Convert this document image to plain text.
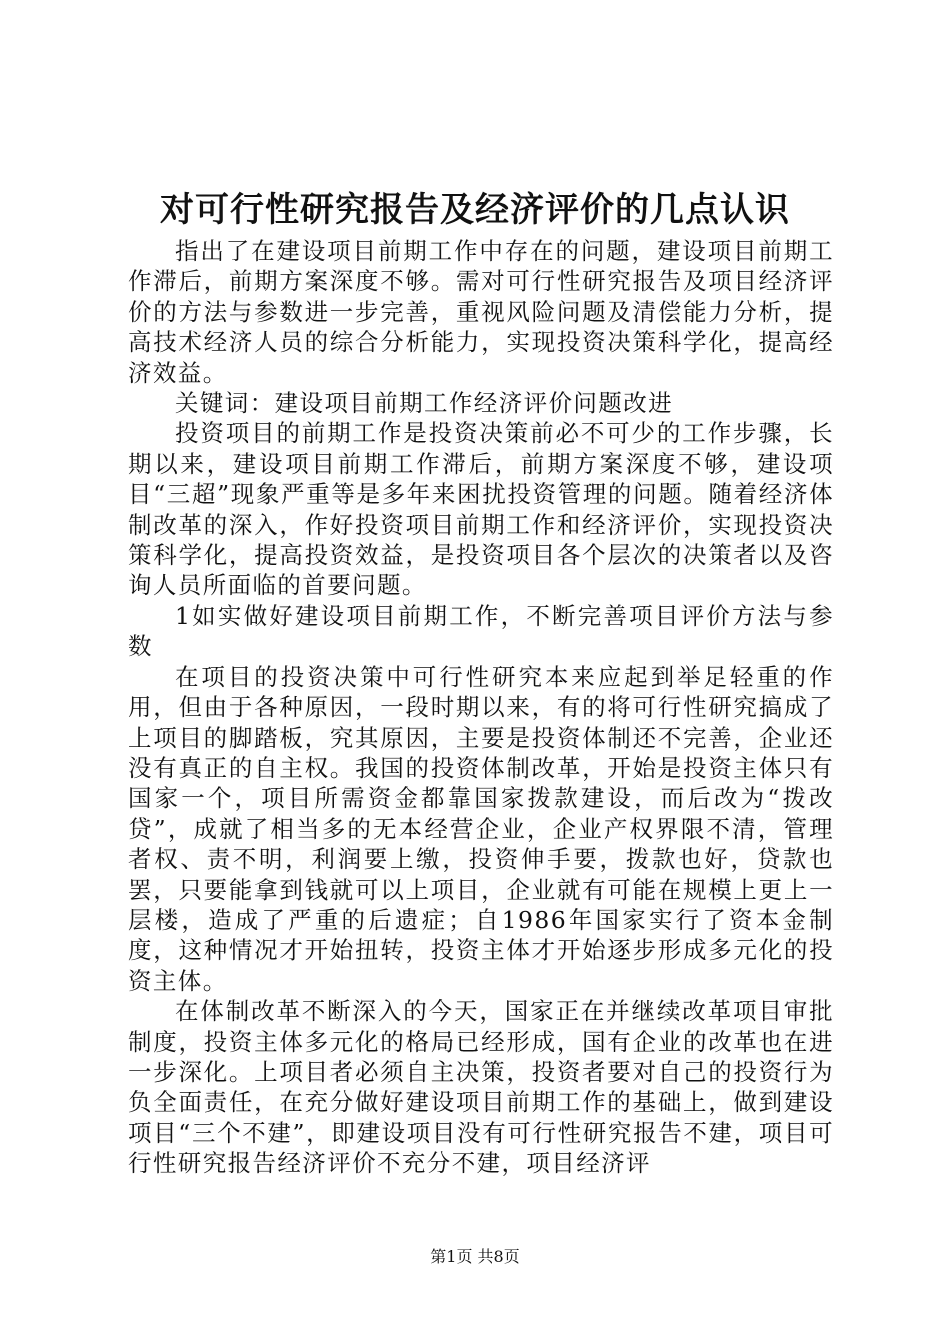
对可行性研究报告及经济评价的几点认识

指出了在建设项目前期工作中存在的问题，建设项目前期工作滞后，前期方案深度不够。需对可行性研究报告及项目经济评价的方法与参数进一步完善，重视风险问题及清偿能力分析，提高技术经济人员的综合分析能力，实现投资决策科学化，提高经济效益。

关键词：建设项目前期工作经济评价问题改进

投资项目的前期工作是投资决策前必不可少的工作步骤，长期以来，建设项目前期工作滞后，前期方案深度不够，建设项目“三超”现象严重等是多年来困扰投资管理的问题。随着经济体制改革的深入，作好投资项目前期工作和经济评价，实现投资决策科学化，提高投资效益，是投资项目各个层次的决策者以及咨询人员所面临的首要问题。

1如实做好建设项目前期工作，不断完善项目评价方法与参数

在项目的投资决策中可行性研究本来应起到举足轻重的作用，但由于各种原因，一段时期以来，有的将可行性研究搞成了上项目的脚踏板，究其原因，主要是投资体制还不完善，企业还没有真正的自主权。我国的投资体制改革，开始是投资主体只有国家一个，项目所需资金都靠国家拨款建设，而后改为“拨改贷”，成就了相当多的无本经营企业，企业产权界限不清，管理者权、责不明，利润要上缴，投资伸手要，拨款也好，贷款也罢，只要能拿到钱就可以上项目，企业就有可能在规模上更上一层楼，造成了严重的后遗症；自1986年国家实行了资本金制度，这种情况才开始扭转，投资主体才开始逐步形成多元化的投资主体。

在体制改革不断深入的今天，国家正在并继续改革项目审批制度，投资主体多元化的格局已经形成，国有企业的改革也在进一步深化。上项目者必须自主决策，投资者要对自己的投资行为负全面责任，在充分做好建设项目前期工作的基础上，做到建设项目“三个不建”，即建设项目没有可行性研究报告不建，项目可行性研究报告经济评价不充分不建，项目经济评

第1页 共8页
